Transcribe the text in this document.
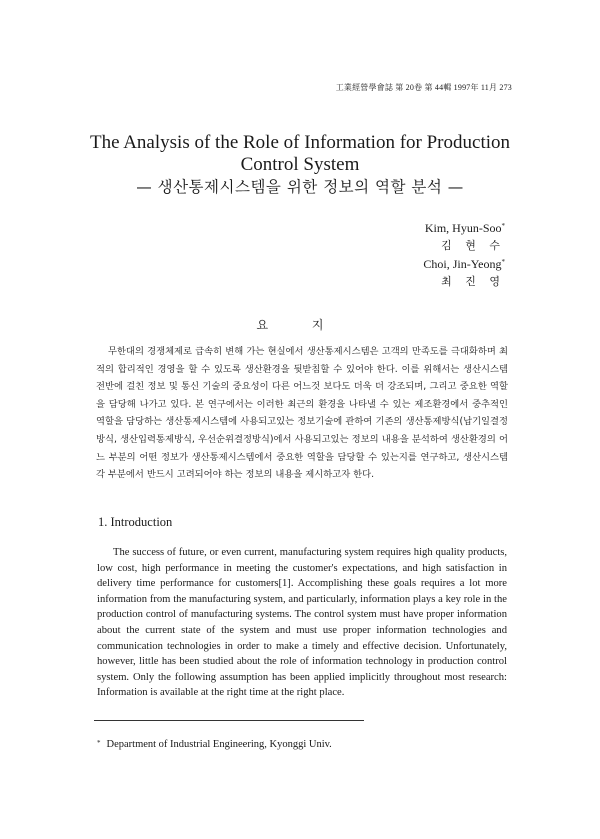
工業經營學會誌 第 20卷 第 44輯 1997年 11月 273
The Analysis of the Role of Information for Production
Control System
— 생산통제시스템을 위한 정보의 역할 분석 —
Kim, Hyun-Soo*
김 현 수
Choi, Jin-Yeong*
최 진 영
요 지
무한대의 경쟁체제로 급속히 변해 가는 현실에서 생산통제시스템은 고객의 만족도를 극대화하며 최적의 합리적인 경영을 할 수 있도록 생산환경을 뒷받침할 수 있어야 한다. 이를 위해서는 생산시스템 전반에 걸친 정보 및 통신 기술의 중요성이 다른 어느것 보다도 더욱 더 강조되며, 그리고 중요한 역할을 담당해 나가고 있다. 본 연구에서는 이러한 최근의 환경을 나타낼 수 있는 제조환경에서 중추적인 역할을 담당하는 생산통제시스템에 사용되고있는 정보기술에 관하여 기존의 생산통제방식(납기일결정방식, 생산입력통제방식, 우선순위결정방식)에서 사용되고있는 정보의 내용을 분석하여 생산환경의 어느 부분의 어떤 정보가 생산통제시스템에서 중요한 역할을 담당할 수 있는지를 연구하고, 생산시스템 각 부분에서 반드시 고려되어야 하는 정보의 내용을 제시하고자 한다.
1. Introduction
The success of future, or even current, manufacturing system requires high quality products, low cost, high performance in meeting the customer's expectations, and high satisfaction in delivery time performance for customers[1]. Accomplishing these goals requires a lot more information from the manufacturing system, and particularly, information plays a key role in the production control of manufacturing systems. The control system must have proper information about the current state of the system and must use proper information technologies and communication technologies in order to make a timely and effective decision. Unfortunately, however, little has been studied about the role of information technology in production control system. Only the following assumption has been applied implicitly throughout most research: Information is available at the right time at the right place.
* Department of Industrial Engineering, Kyonggi Univ.
